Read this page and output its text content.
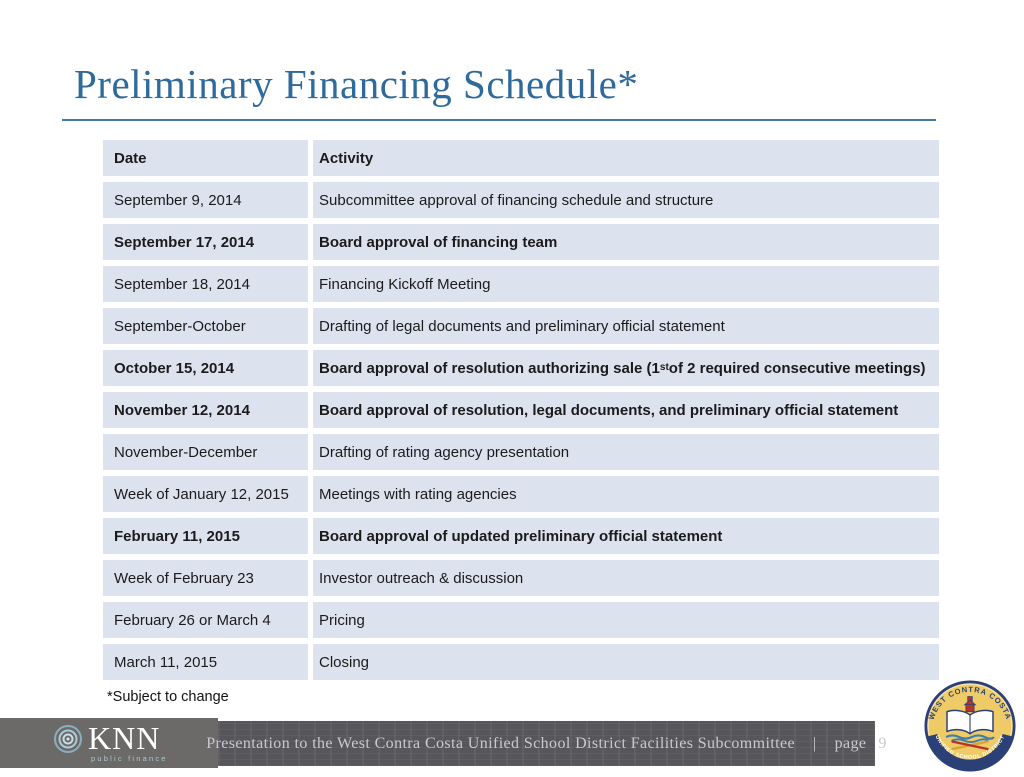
Preliminary Financing Schedule*
Date	Activity
September 9, 2014	Subcommittee approval of financing schedule and structure
September 17, 2014	Board approval of financing team
September 18, 2014	Financing Kickoff Meeting
September-October	Drafting of legal documents and preliminary official statement
October 15, 2014	Board approval of resolution authorizing sale (1 st of 2 required consecutive meetings)
November 12, 2014	Board approval of resolution, legal documents, and preliminary official statement
November-December	Drafting of rating agency presentation
Week of January 12, 2015	Meetings with rating agencies
February 11, 2015	Board approval of updated preliminary official statement
Week of February 23	Investor outreach & discussion
February 26 or March 4	Pricing
March 11, 2015	Closing
*Subject to change
KNN
public finance
Presentation to the West Contra Costa Unified School District Facilities Subcommittee | page 9
WEST CONTRA COSTA
UNIFIED SCHOOL DISTRICT
